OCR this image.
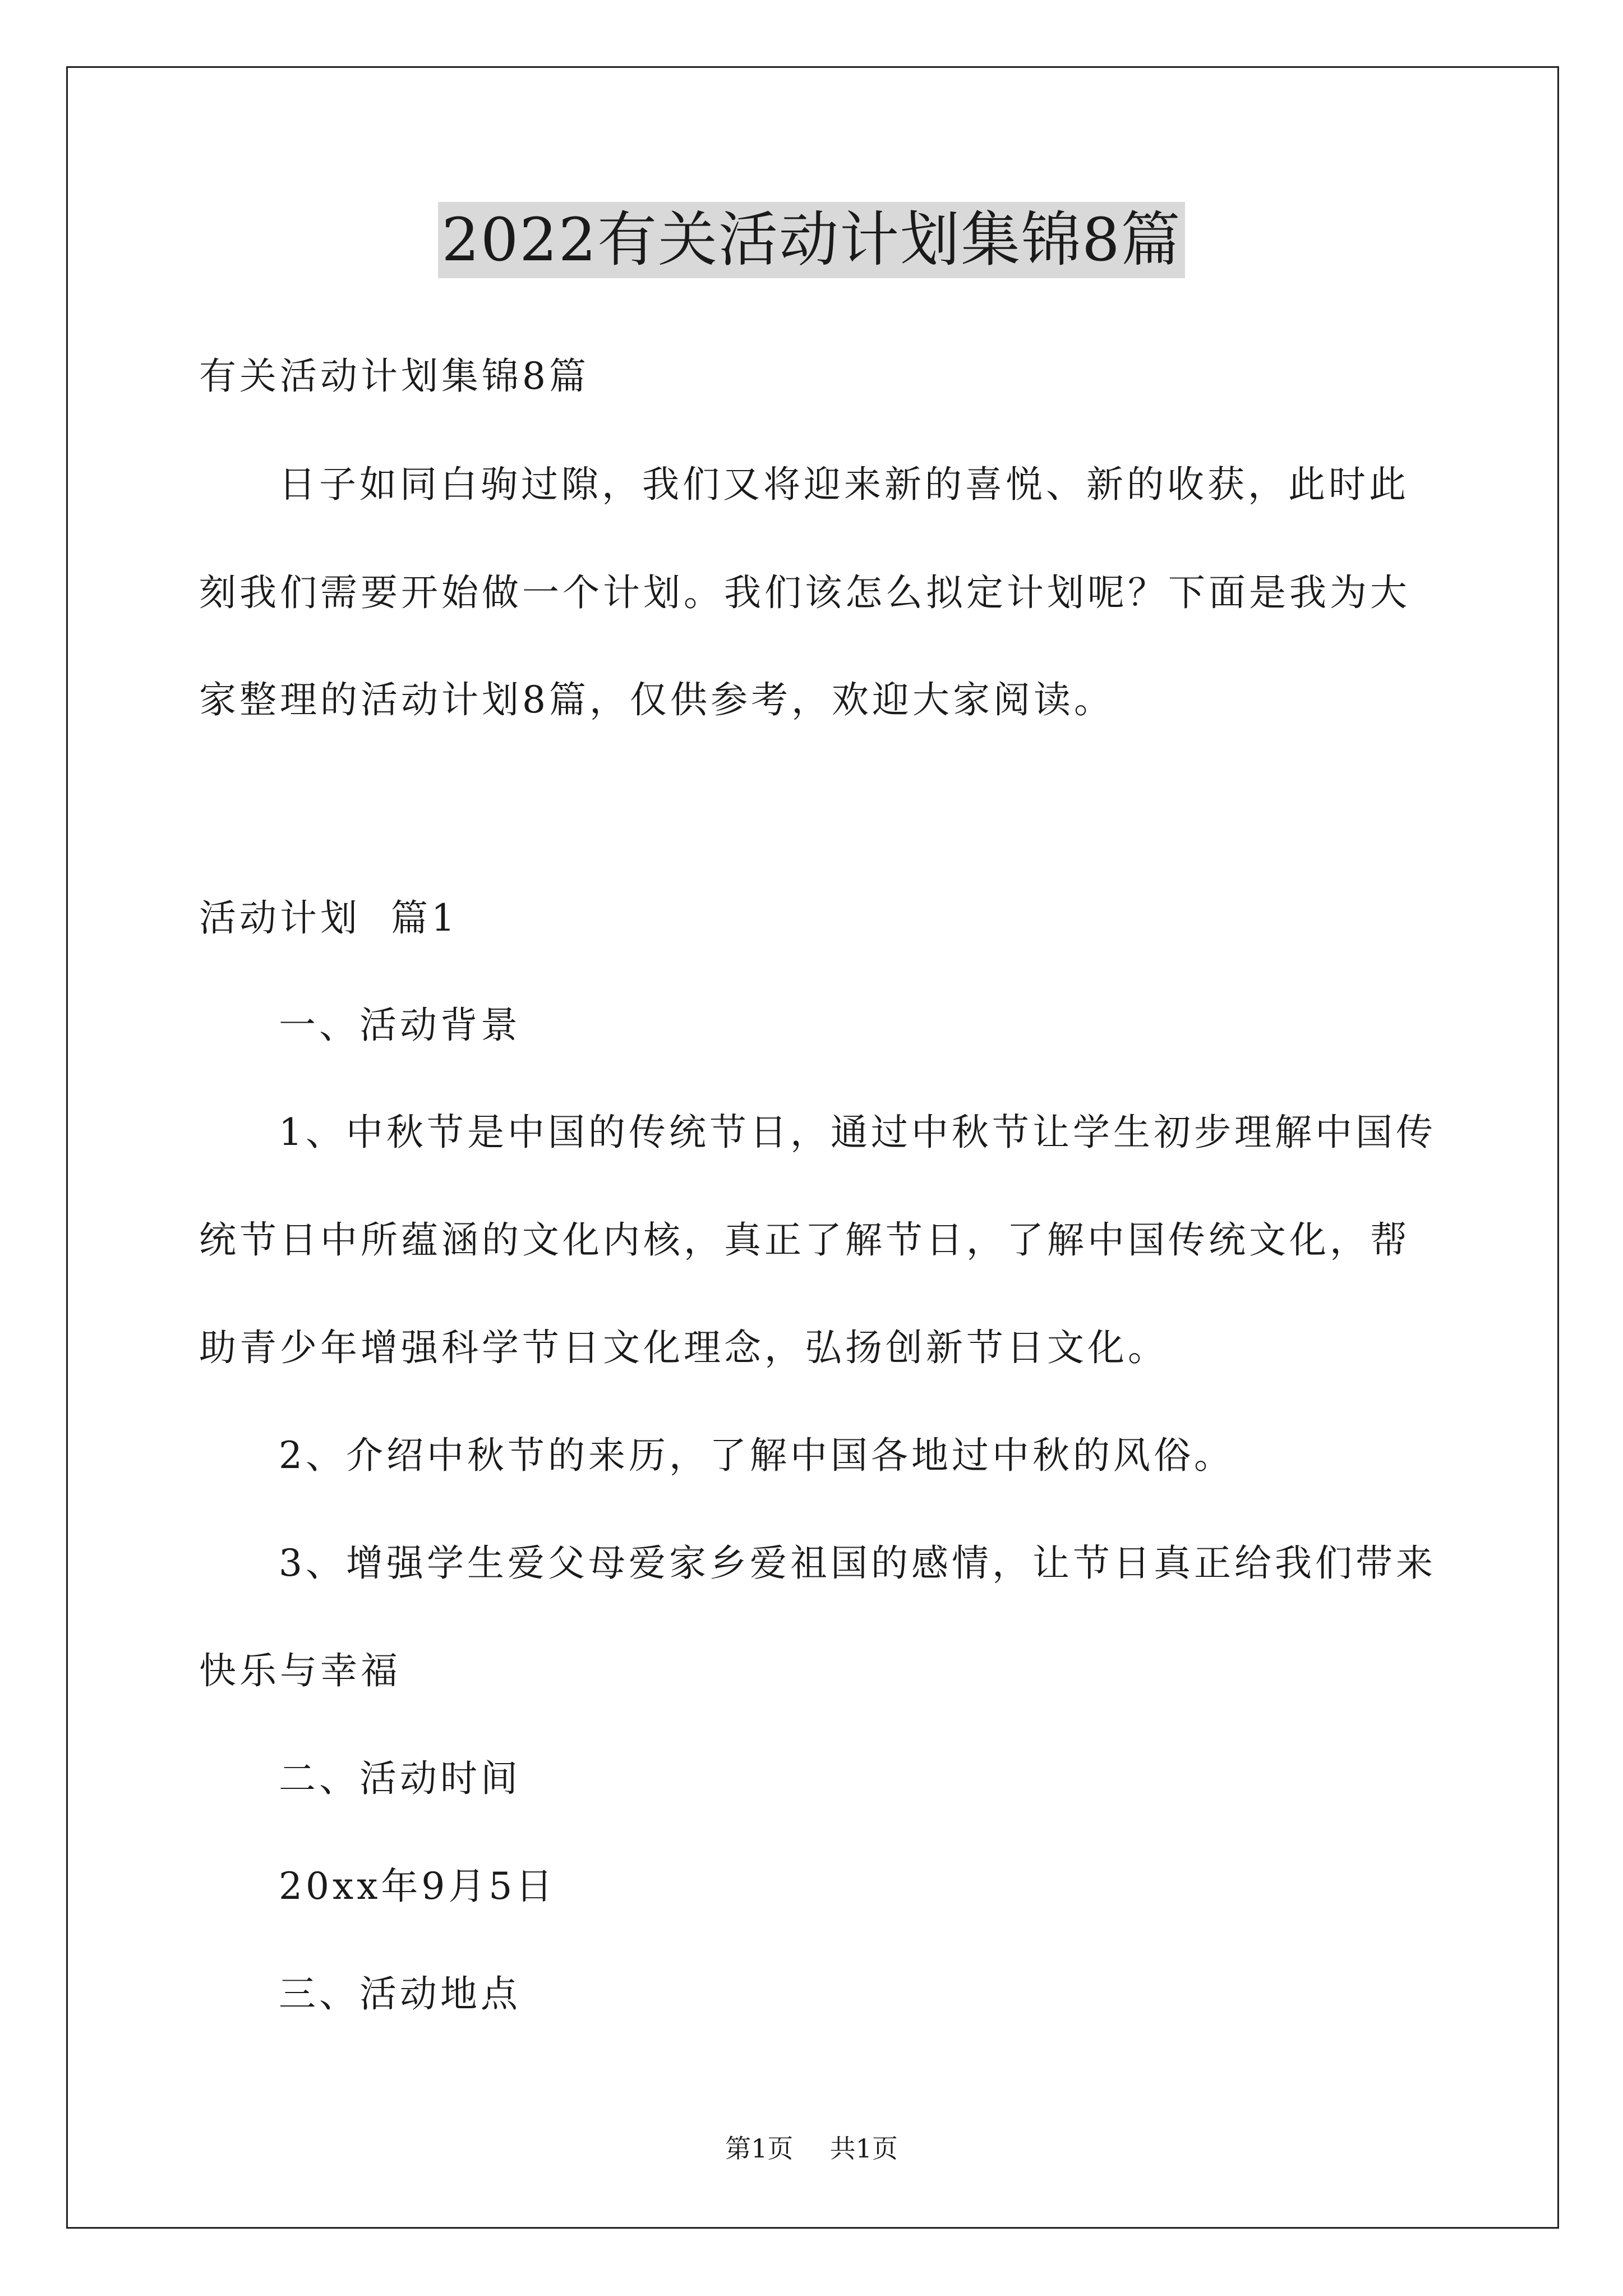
2022有关活动计划集锦8篇
有关活动计划集锦8篇
日子如同白驹过隙，我们又将迎来新的喜悦、新的收获，此时此
刻我们需要开始做一个计划。我们该怎么拟定计划呢？下面是我为大
家整理的活动计划8篇，仅供参考，欢迎大家阅读。
活动计划  篇1
一、活动背景
1、中秋节是中国的传统节日，通过中秋节让学生初步理解中国传
统节日中所蕴涵的文化内核，真正了解节日，了解中国传统文化，帮
助青少年增强科学节日文化理念，弘扬创新节日文化。
2、介绍中秋节的来历，了解中国各地过中秋的风俗。
3、增强学生爱父母爱家乡爱祖国的感情，让节日真正给我们带来
快乐与幸福
二、活动时间
20xx年9月5日
三、活动地点
第1页  共1页
